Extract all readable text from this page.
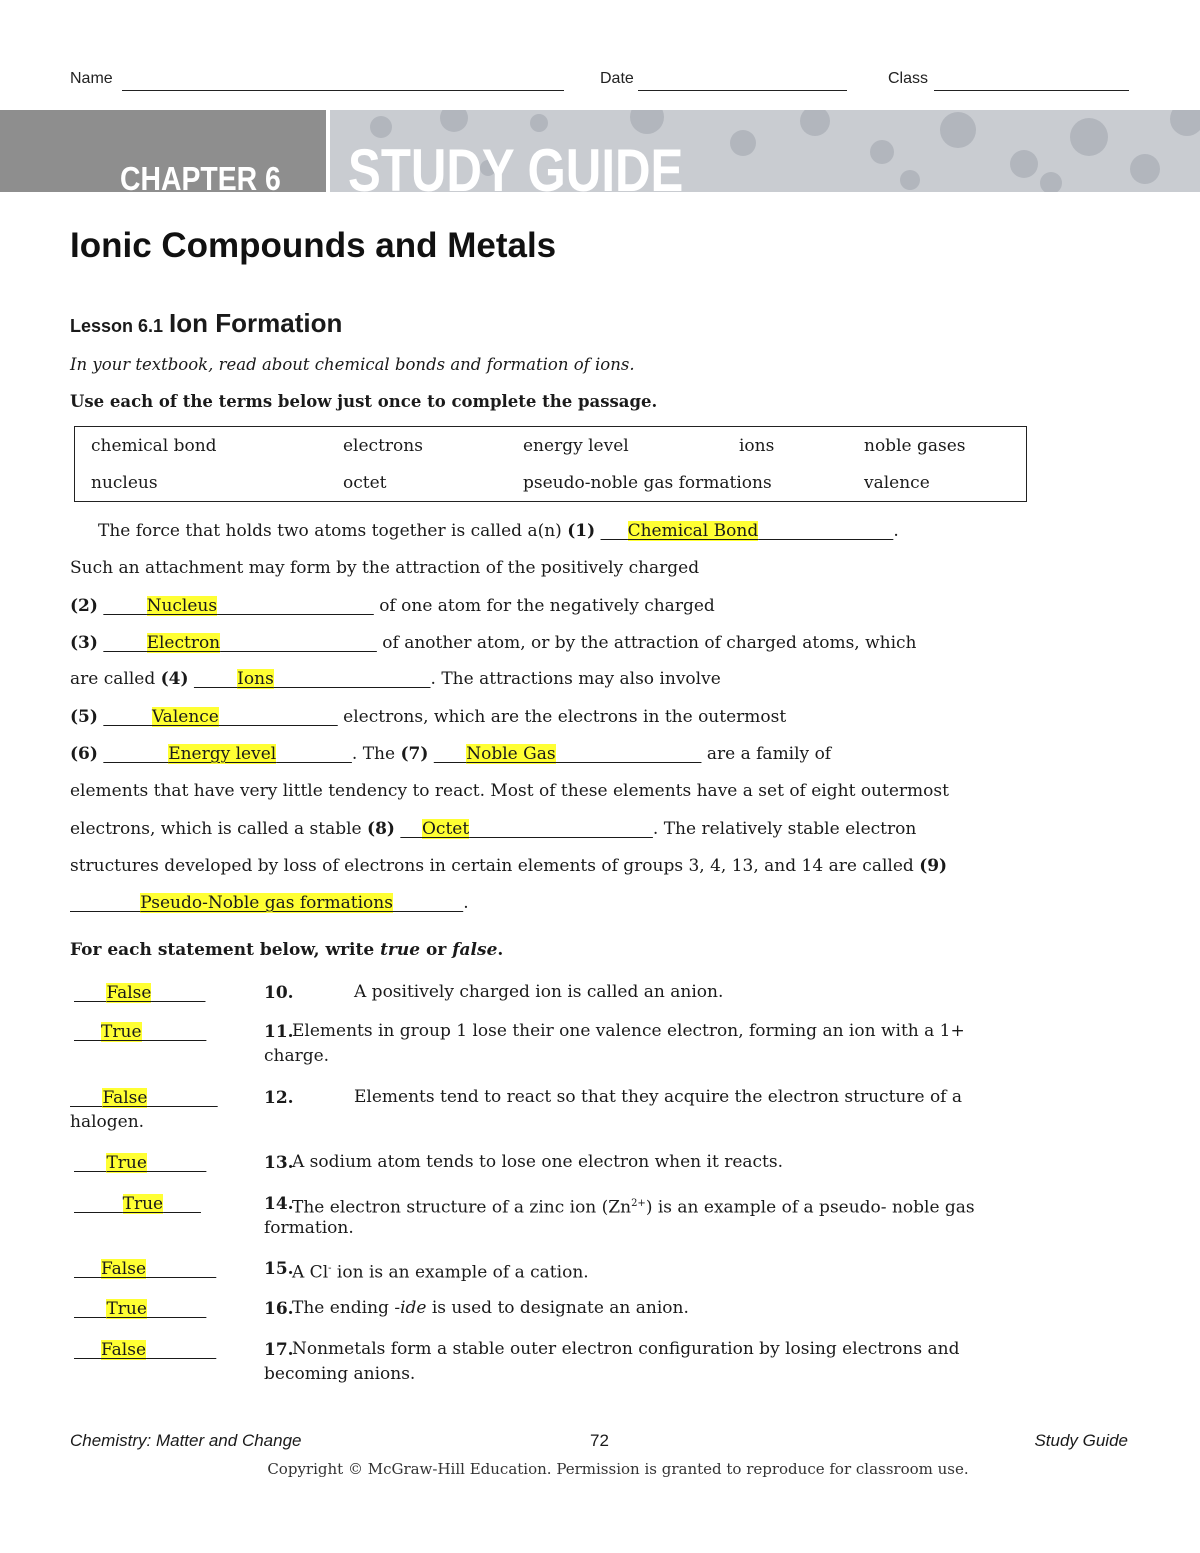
Name	Date	Class
CHAPTER 6 STUDY GUIDE
Ionic Compounds and Metals
Lesson 6.1 Ion Formation
In your textbook, read about chemical bonds and formation of ions.
Use each of the terms below just once to complete the passage.
chemical bond	electrons	energy level	ions	noble gases
nucleus	octet	pseudo-noble gas formations	valence
The force that holds two atoms together is called a(n) (1) Chemical Bond	.
Such an attachment may form by the attraction of the positively charged
(2)	Nucleus	of one atom for the negatively charged
(3)	Electron	of another atom, or by the attraction of charged atoms, which
are called (4)	Ions	. The attractions may also involve
(5)	Valence	electrons, which are the electrons in the outermost
(6)	Energy level	. The (7) Noble Gas	are a family of
elements that have very little tendency to react. Most of these elements have a set of eight outermost
electrons, which is called a stable (8) Octet	. The relatively stable electron
structures developed by loss of electrons in certain elements of groups 3, 4, 13, and 14 are called (9)
Pseudo-Noble gas formations	.
For each statement below, write true or false.
False	10.	A positively charged ion is called an anion.
True	11.
Elements in group 1 lose their one valence electron, forming an ion with a 1+
charge.
False	12.	Elements tend to react so that they acquire the electron structure of a
halogen.
True	13.
A sodium atom tends to lose one electron when it reacts.
True	14.
The electron structure of a zinc ion $(Zn^{2+})$ is an example of a pseudo- noble gas
formation.
False	15.
A Cl- ion is an example of a cation.
True	16.
The ending -ide is used to designate an anion.
False	17.
Nonmetals form a stable outer electron configuration by losing electrons and
becoming anions.
Chemistry: Matter and Change	72	Study Guide
Copyright © McGraw-Hill Education. Permission is granted to reproduce for classroom use.
